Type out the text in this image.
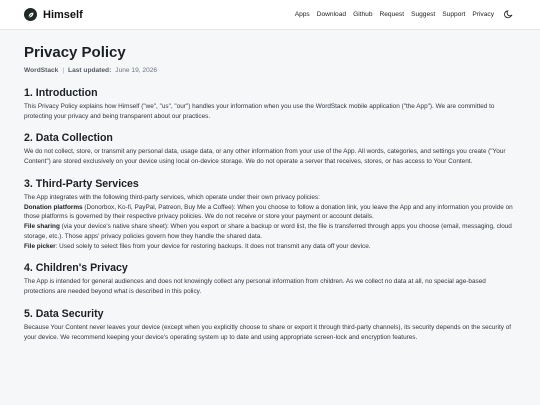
Himself	Apps Download Github Request Suggest Support Privacy
Privacy Policy
WordStack | Last updated: June 19, 2026
1. Introduction

This Privacy Policy explains how Himself ("we", "us", "our") handles your information when you use the WordStack mobile application ("the App"). We are committed to protecting your privacy and being transparent about our practices.

2. Data Collection

We do not collect, store, or transmit any personal data, usage data, or any other information from your use of the App. All words, categories, and settings you create ("Your Content") are stored exclusively on your device using local on-device storage. We do not operate a server that receives, stores, or has access to Your Content.

3. Third-Party Services

The App integrates with the following third-party services, which operate under their own privacy policies:
Donation platforms (Donorbox, Ko-fi, PayPal, Patreon, Buy Me a Coffee): When you choose to follow a donation link, you leave the App and any information you provide on those platforms is governed by their respective privacy policies. We do not receive or store your payment or account details.
File sharing (via your device's native share sheet): When you export or share a backup or word list, the file is transferred through apps you choose (email, messaging, cloud storage, etc.). Those apps' privacy policies govern how they handle the shared data.
File picker: Used solely to select files from your device for restoring backups. It does not transmit any data off your device.

4. Children's Privacy

The App is intended for general audiences and does not knowingly collect any personal information from children. As we collect no data at all, no special age-based protections are needed beyond what is described in this policy.

5. Data Security

Because Your Content never leaves your device (except when you explicitly choose to share or export it through third-party channels), its security depends on the security of your device. We recommend keeping your device's operating system up to date and using appropriate screen-lock and encryption features.
